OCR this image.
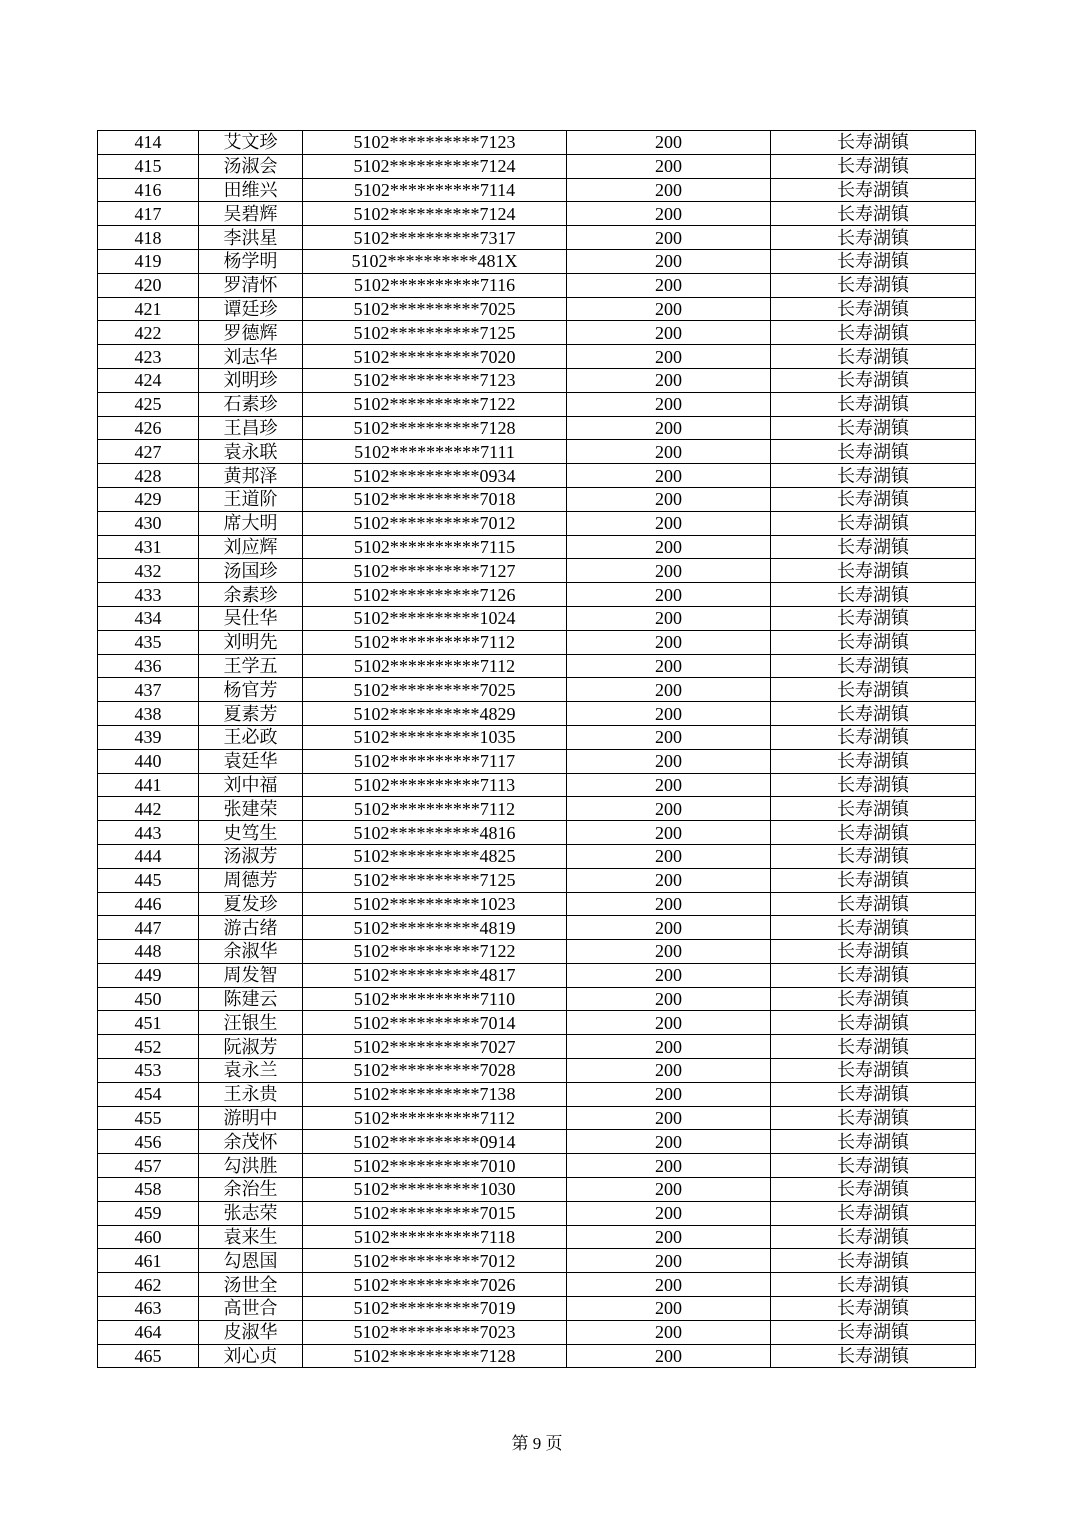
414	艾文珍	5102**********7123	200	长寿湖镇
415	汤淑会	5102**********7124	200	长寿湖镇
416	田维兴	5102**********7114	200	长寿湖镇
417	吴碧辉	5102**********7124	200	长寿湖镇
418	李洪星	5102**********7317	200	长寿湖镇
419	杨学明	5102**********481X	200	长寿湖镇
420	罗清怀	5102**********7116	200	长寿湖镇
421	谭廷珍	5102**********7025	200	长寿湖镇
422	罗德辉	5102**********7125	200	长寿湖镇
423	刘志华	5102**********7020	200	长寿湖镇
424	刘明珍	5102**********7123	200	长寿湖镇
425	石素珍	5102**********7122	200	长寿湖镇
426	王昌珍	5102**********7128	200	长寿湖镇
427	袁永联	5102**********7111	200	长寿湖镇
428	黄邦泽	5102**********0934	200	长寿湖镇
429	王道阶	5102**********7018	200	长寿湖镇
430	席大明	5102**********7012	200	长寿湖镇
431	刘应辉	5102**********7115	200	长寿湖镇
432	汤国珍	5102**********7127	200	长寿湖镇
433	余素珍	5102**********7126	200	长寿湖镇
434	吴仕华	5102**********1024	200	长寿湖镇
435	刘明先	5102**********7112	200	长寿湖镇
436	王学五	5102**********7112	200	长寿湖镇
437	杨官芳	5102**********7025	200	长寿湖镇
438	夏素芳	5102**********4829	200	长寿湖镇
439	王必政	5102**********1035	200	长寿湖镇
440	袁廷华	5102**********7117	200	长寿湖镇
441	刘中福	5102**********7113	200	长寿湖镇
442	张建荣	5102**********7112	200	长寿湖镇
443	史笃生	5102**********4816	200	长寿湖镇
444	汤淑芳	5102**********4825	200	长寿湖镇
445	周德芳	5102**********7125	200	长寿湖镇
446	夏发珍	5102**********1023	200	长寿湖镇
447	游古绪	5102**********4819	200	长寿湖镇
448	余淑华	5102**********7122	200	长寿湖镇
449	周发智	5102**********4817	200	长寿湖镇
450	陈建云	5102**********7110	200	长寿湖镇
451	汪银生	5102**********7014	200	长寿湖镇
452	阮淑芳	5102**********7027	200	长寿湖镇
453	袁永兰	5102**********7028	200	长寿湖镇
454	王永贵	5102**********7138	200	长寿湖镇
455	游明中	5102**********7112	200	长寿湖镇
456	余茂怀	5102**********0914	200	长寿湖镇
457	勾洪胜	5102**********7010	200	长寿湖镇
458	余治生	5102**********1030	200	长寿湖镇
459	张志荣	5102**********7015	200	长寿湖镇
460	袁来生	5102**********7118	200	长寿湖镇
461	勾恩国	5102**********7012	200	长寿湖镇
462	汤世全	5102**********7026	200	长寿湖镇
463	高世合	5102**********7019	200	长寿湖镇
464	皮淑华	5102**********7023	200	长寿湖镇
465	刘心贞	5102**********7128	200	长寿湖镇
第 9 页
